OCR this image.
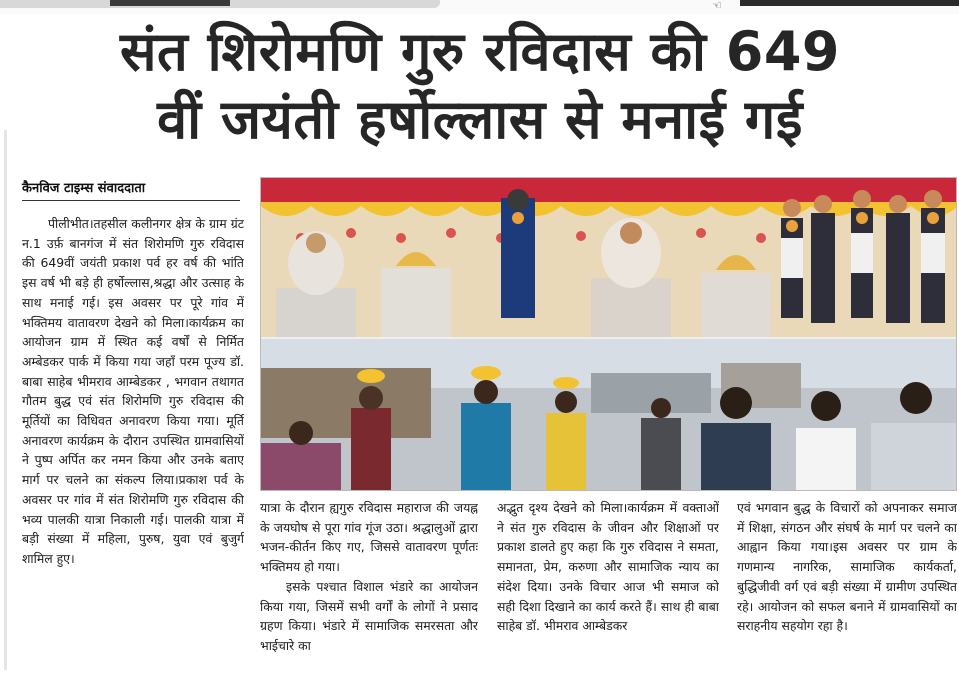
☜
संत शिरोमणि गुरु रविदास की 649
वीं जयंती हर्षोल्लास से मनाई गई
कैनविज टाइम्स संवाददाता

पीलीभीत।तहसील कलीनगर क्षेत्र के ग्राम ग्रंट न.1 उर्फ़ बानगंज में संत शिरोमणि गुरु रविदास की 649वीं जयंती प्रकाश पर्व हर वर्ष की भांति इस वर्ष भी बड़े ही हर्षोल्लास,श्रद्धा और उत्साह के साथ मनाई गई। इस अवसर पर पूरे गांव में भक्तिमय वातावरण देखने को मिला।कार्यक्रम का आयोजन ग्राम में स्थित कई वर्षों से निर्मित अम्बेडकर पार्क में किया गया जहाँ परम पूज्य डॉ. बाबा साहेब भीमराव आम्बेडकर , भगवान तथागत गौतम बुद्ध एवं संत शिरोमणि गुरु रविदास की मूर्तियों का विधिवत अनावरण किया गया। मूर्ति अनावरण कार्यक्रम के दौरान उपस्थित ग्रामवासियों ने पुष्प अर्पित कर नमन किया और उनके बताए मार्ग पर चलने का संकल्प लिया।प्रकाश पर्व के अवसर पर गांव में संत शिरोमणि गुरु रविदास की भव्य पालकी यात्रा निकाली गई। पालकी यात्रा में बड़ी संख्या में महिला, पुरुष, युवा एवं बुजुर्ग शामिल हुए।

यात्रा के दौरान ह्यगुरु रविदास महाराज की जयह्न के जयघोष से पूरा गांव गूंज उठा। श्रद्धालुओं द्वारा भजन-कीर्तन किए गए, जिससे वातावरण पूर्णतः भक्तिमय हो गया।

इसके पश्चात विशाल भंडारे का आयोजन किया गया, जिसमें सभी वर्गों के लोगों ने प्रसाद ग्रहण किया। भंडारे में सामाजिक समरसता और भाईचारे का

अद्भुत दृश्य देखने को मिला।कार्यक्रम में वक्ताओं ने संत गुरु रविदास के जीवन और शिक्षाओं पर प्रकाश डालते हुए कहा कि गुरु रविदास ने समता, समानता, प्रेम, करुणा और सामाजिक न्याय का संदेश दिया। उनके विचार आज भी समाज को सही दिशा दिखाने का कार्य करते हैं। साथ ही बाबा साहेब डॉ. भीमराव आम्बेडकर

एवं भगवान बुद्ध के विचारों को अपनाकर समाज में शिक्षा, संगठन और संघर्ष के मार्ग पर चलने का आह्वान किया गया।इस अवसर पर ग्राम के गणमान्य नागरिक, सामाजिक कार्यकर्ता, बुद्धिजीवी वर्ग एवं बड़ी संख्या में ग्रामीण उपस्थित रहे। आयोजन को सफल बनाने में ग्रामवासियों का सराहनीय सहयोग रहा है।
